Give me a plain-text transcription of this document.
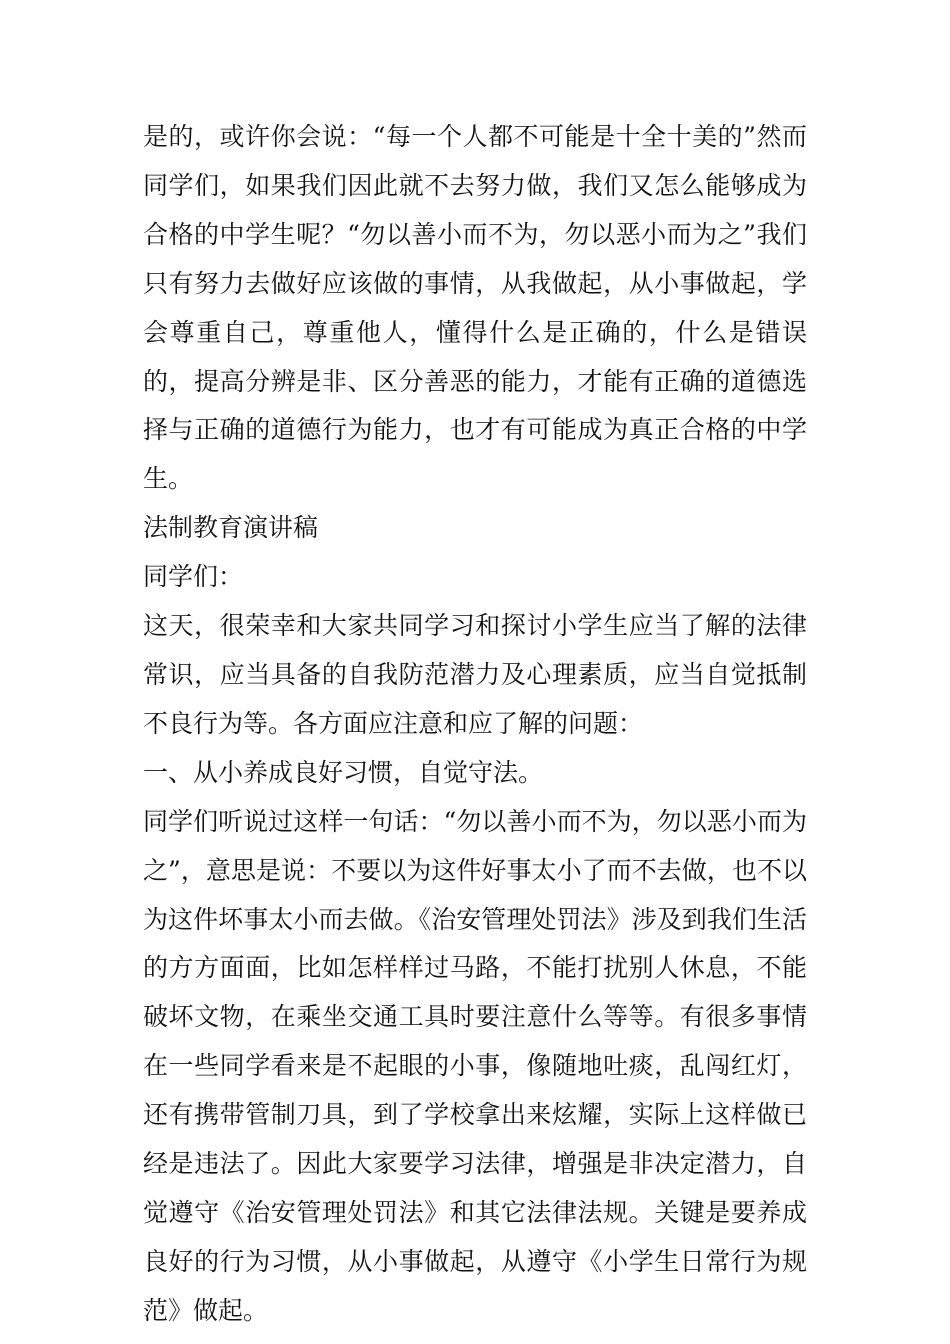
是的，或许你会说：“每一个人都不可能是十全十美的”然而同学们，如果我们因此就不去努力做，我们又怎么能够成为合格的中学生呢？“勿以善小而不为，勿以恶小而为之”我们只有努力去做好应该做的事情，从我做起，从小事做起，学会尊重自己，尊重他人，懂得什么是正确的，什么是错误的，提高分辨是非、区分善恶的能力，才能有正确的道德选择与正确的道德行为能力，也才有可能成为真正合格的中学生。

法制教育演讲稿

同学们：

这天，很荣幸和大家共同学习和探讨小学生应当了解的法律常识，应当具备的自我防范潜力及心理素质，应当自觉抵制不良行为等。各方面应注意和应了解的问题：

一、从小养成良好习惯，自觉守法。

同学们听说过这样一句话：“勿以善小而不为，勿以恶小而为之”，意思是说：不要以为这件好事太小了而不去做，也不以为这件坏事太小而去做。《治安管理处罚法》涉及到我们生活的方方面面，比如怎样样过马路，不能打扰别人休息，不能破坏文物，在乘坐交通工具时要注意什么等等。有很多事情在一些同学看来是不起眼的小事，像随地吐痰，乱闯红灯，还有携带管制刀具，到了学校拿出来炫耀，实际上这样做已经是违法了。因此大家要学习法律，增强是非决定潜力，自觉遵守《治安管理处罚法》和其它法律法规。关键是要养成良好的行为习惯，从小事做起，从遵守《小学生日常行为规范》做起。
